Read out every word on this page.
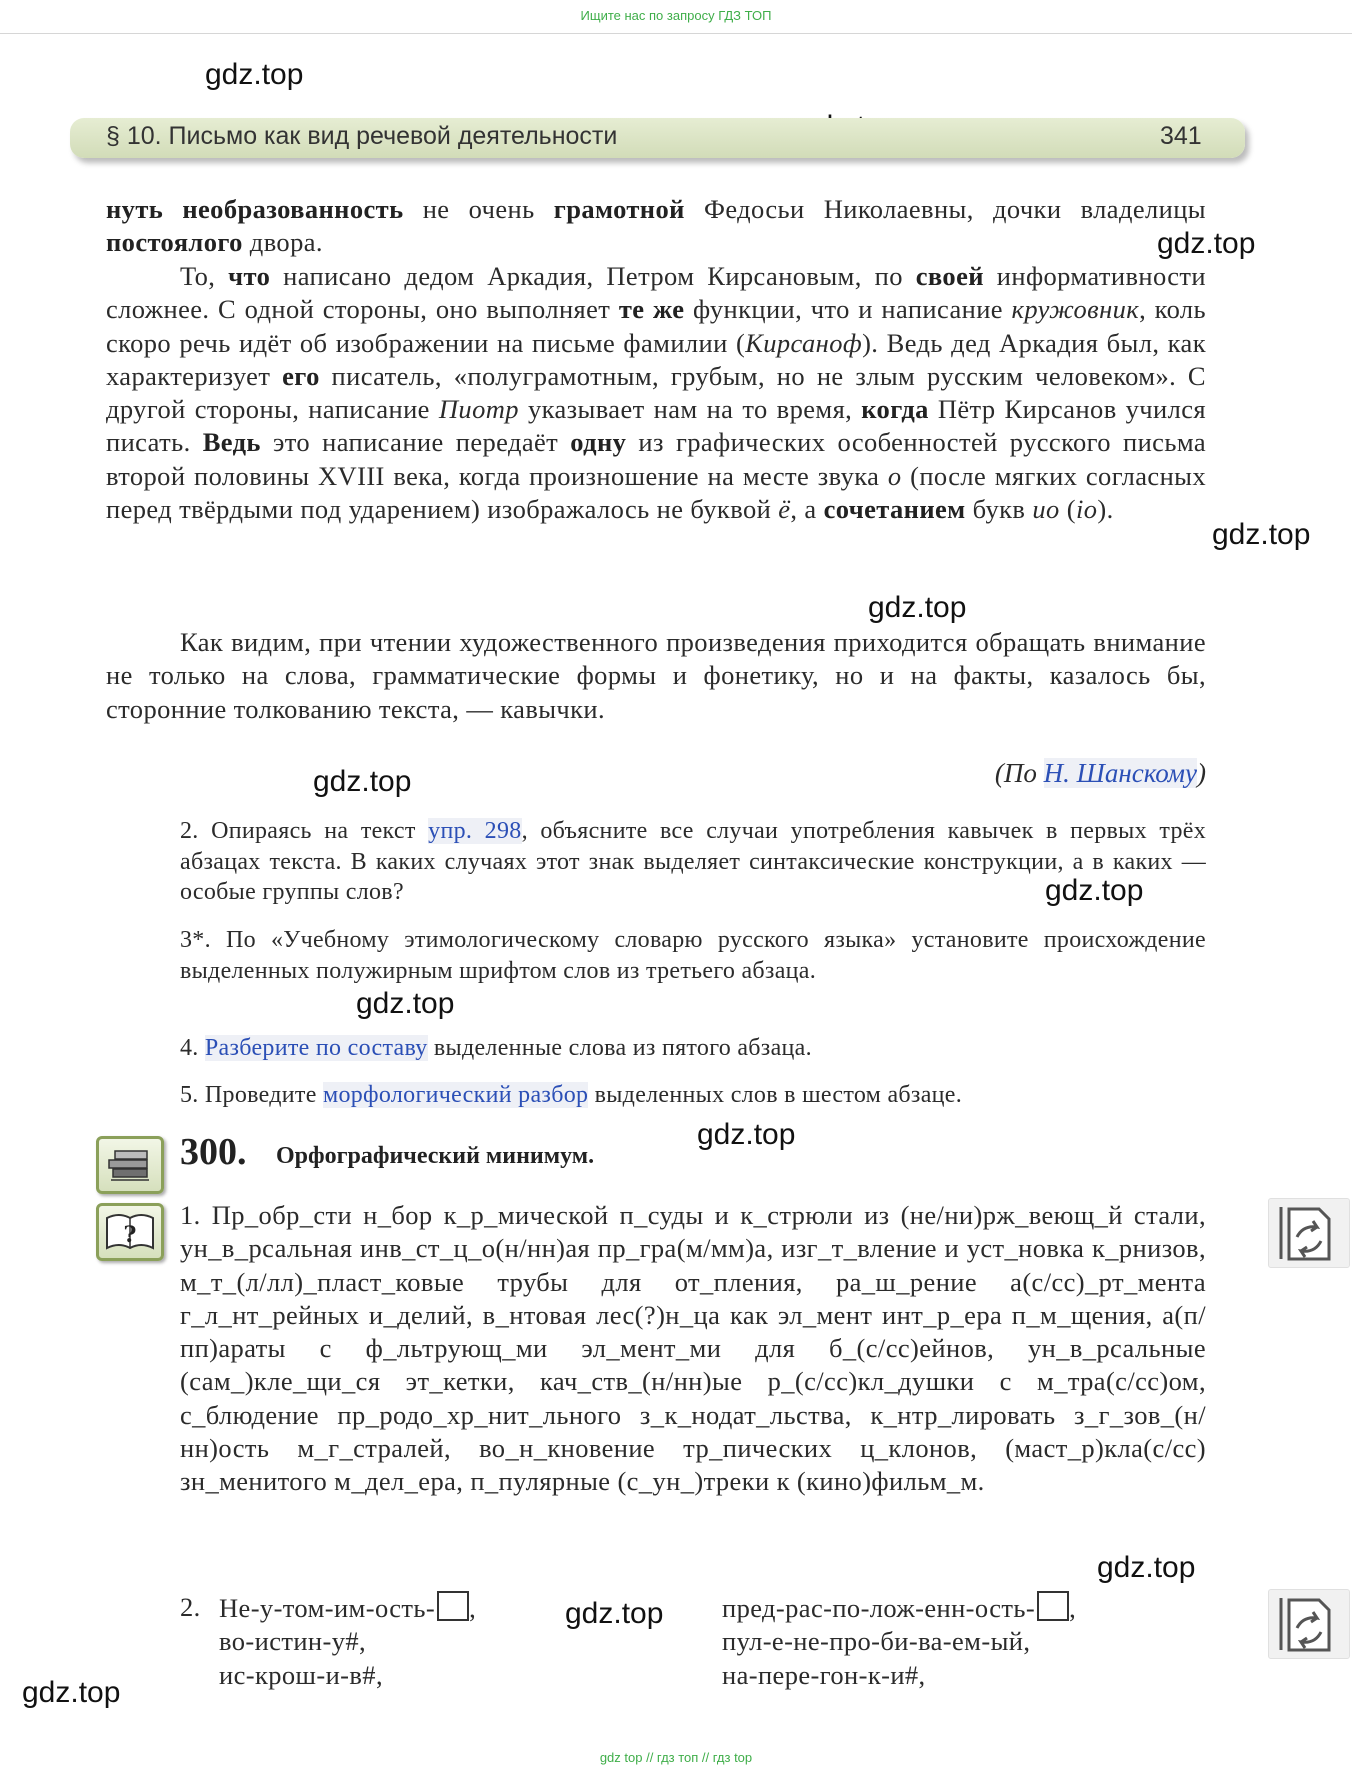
Ищите нас по запросу ГДЗ ТОП
gdz.top
gdz.top
gdz.top
gdz.top
gdz.top
gdz.top
gdz.top
gdz.top
gdz.top
gdz.top
gdz.top
§ 10. Письмо как вид речевой деятельности	341

нуть необразованность не очень грамотной Федосьи Николаевны, дочки владелицы постоялого двора.

То, что написано дедом Аркадия, Петром Кирсановым, по своей информативности сложнее. С одной стороны, оно выполняет те же функции, что и написание кружовник, коль скоро речь идёт об изображении на письме фамилии (Кирсаноф). Ведь дед Аркадия был, как характеризует его писатель, «полуграмотным, грубым, но не злым русским человеком». С другой стороны, написание Пиотр указывает нам на то время, когда Пётр Кирсанов учился писать. Ведь это написание передаёт одну из графических особенностей русского письма второй половины XVIII века, когда произношение на месте звука о (после мягких согласных перед твёрдыми под ударением) изображалось не буквой ё, а сочетанием букв ио (io).

Как видим, при чтении художественного произведения приходится обращать внимание не только на слова, грамматические формы и фонетику, но и на факты, казалось бы, сторонние толкованию текста, — кавычки.

(По Н. Шанскому)

2. Опираясь на текст упр. 298, объясните все случаи употребления кавычек в первых трёх абзацах текста. В каких случаях этот знак выделяет синтаксические конструкции, а в каких — особые группы слов?

3*. По «Учебному этимологическому словарю русского языка» установите происхождение выделенных полужирным шрифтом слов из третьего абзаца.

4. Разберите по составу выделенные слова из пятого абзаца.

5. Проведите морфологический разбор выделенных слов в шестом абзаце.

300. Орфографический минимум.
?

1. Пр_обр_сти н_бор к_р_мической п_суды и к_стрюли из (не/ни)рж_веющ_й стали, ун_в_рсальная инв_ст_ц_о(н/нн)ая пр_гра(м/мм)а, изг_т_вление и уст_новка к_рнизов, м_т_(л/лл)_пласт_ковые трубы для от_пления, ра_ш_рение а(с/сс)_рт_мента г_л_нт_рейных и_делий, в_нтовая лес(?)н_ца как эл_мент инт_р_ера п_м_щения, а(п/пп)араты с ф_льтрующ_ми эл_мент_ми для б_(с/сс)ейнов, ун_в_рсальные (сам_)кле_щи_ся эт_кетки, кач_ств_(н/нн)ые р_(с/сс)кл_душки с м_тра(с/сс)ом, с_блюдение пр_родо_хр_нит_льного з_к_нодат_льства, к_нтр_лировать з_г_зов_(н/нн)ость м_г_стралей, во_н_кновение тр_пических ц_клонов, (маст_р)кла(с/сс) зн_менитого м_дел_ера, п_пулярные (с_ун_)треки к (кино)фильм_м.

2. Не-у-том-им-ость- ,
во-истин-у#,
ис-крош-и-в#,
пред-рас-по-лож-енн-ость- ,
пул-е-не-про-би-ва-ем-ый,
на-пере-гон-к-и#,
gdz top // гдз топ // гдз top
